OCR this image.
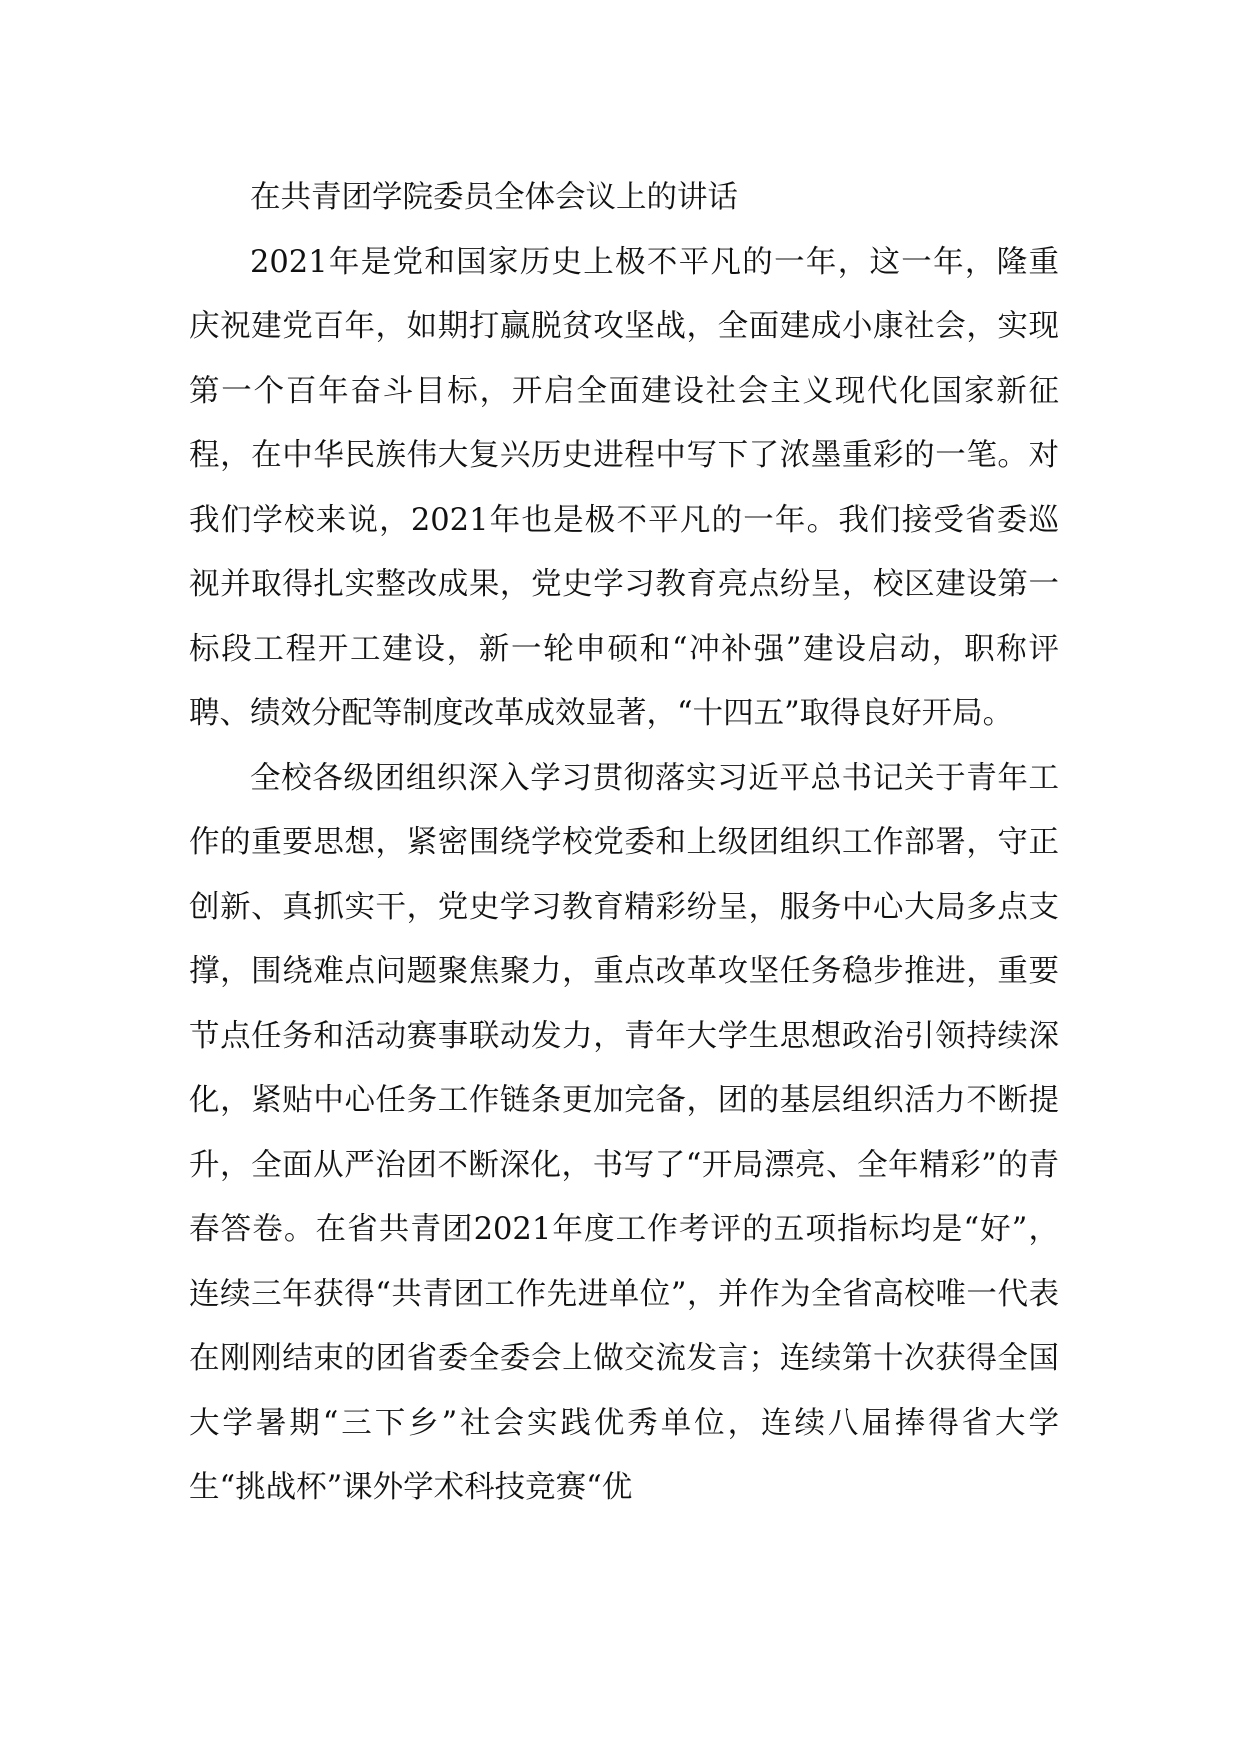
在共青团学院委员全体会议上的讲话

2021年是党和国家历史上极不平凡的一年，这一年，隆重庆祝建党百年，如期打赢脱贫攻坚战，全面建成小康社会，实现第一个百年奋斗目标，开启全面建设社会主义现代化国家新征程，在中华民族伟大复兴历史进程中写下了浓墨重彩的一笔。对我们学校来说，2021年也是极不平凡的一年。我们接受省委巡视并取得扎实整改成果，党史学习教育亮点纷呈，校区建设第一标段工程开工建设，新一轮申硕和“冲补强”建设启动，职称评聘、绩效分配等制度改革成效显著，“十四五”取得良好开局。

全校各级团组织深入学习贯彻落实习近平总书记关于青年工作的重要思想，紧密围绕学校党委和上级团组织工作部署，守正创新、真抓实干，党史学习教育精彩纷呈，服务中心大局多点支撑，围绕难点问题聚焦聚力，重点改革攻坚任务稳步推进，重要节点任务和活动赛事联动发力，青年大学生思想政治引领持续深化，紧贴中心任务工作链条更加完备，团的基层组织活力不断提升，全面从严治团不断深化，书写了“开局漂亮、全年精彩”的青春答卷。在省共青团2021年度工作考评的五项指标均是“好”，连续三年获得“共青团工作先进单位”，并作为全省高校唯一代表在刚刚结束的团省委全委会上做交流发言；连续第十次获得全国大学暑期“三下乡”社会实践优秀单位，连续八届捧得省大学生“挑战杯”课外学术科技竞赛“优
